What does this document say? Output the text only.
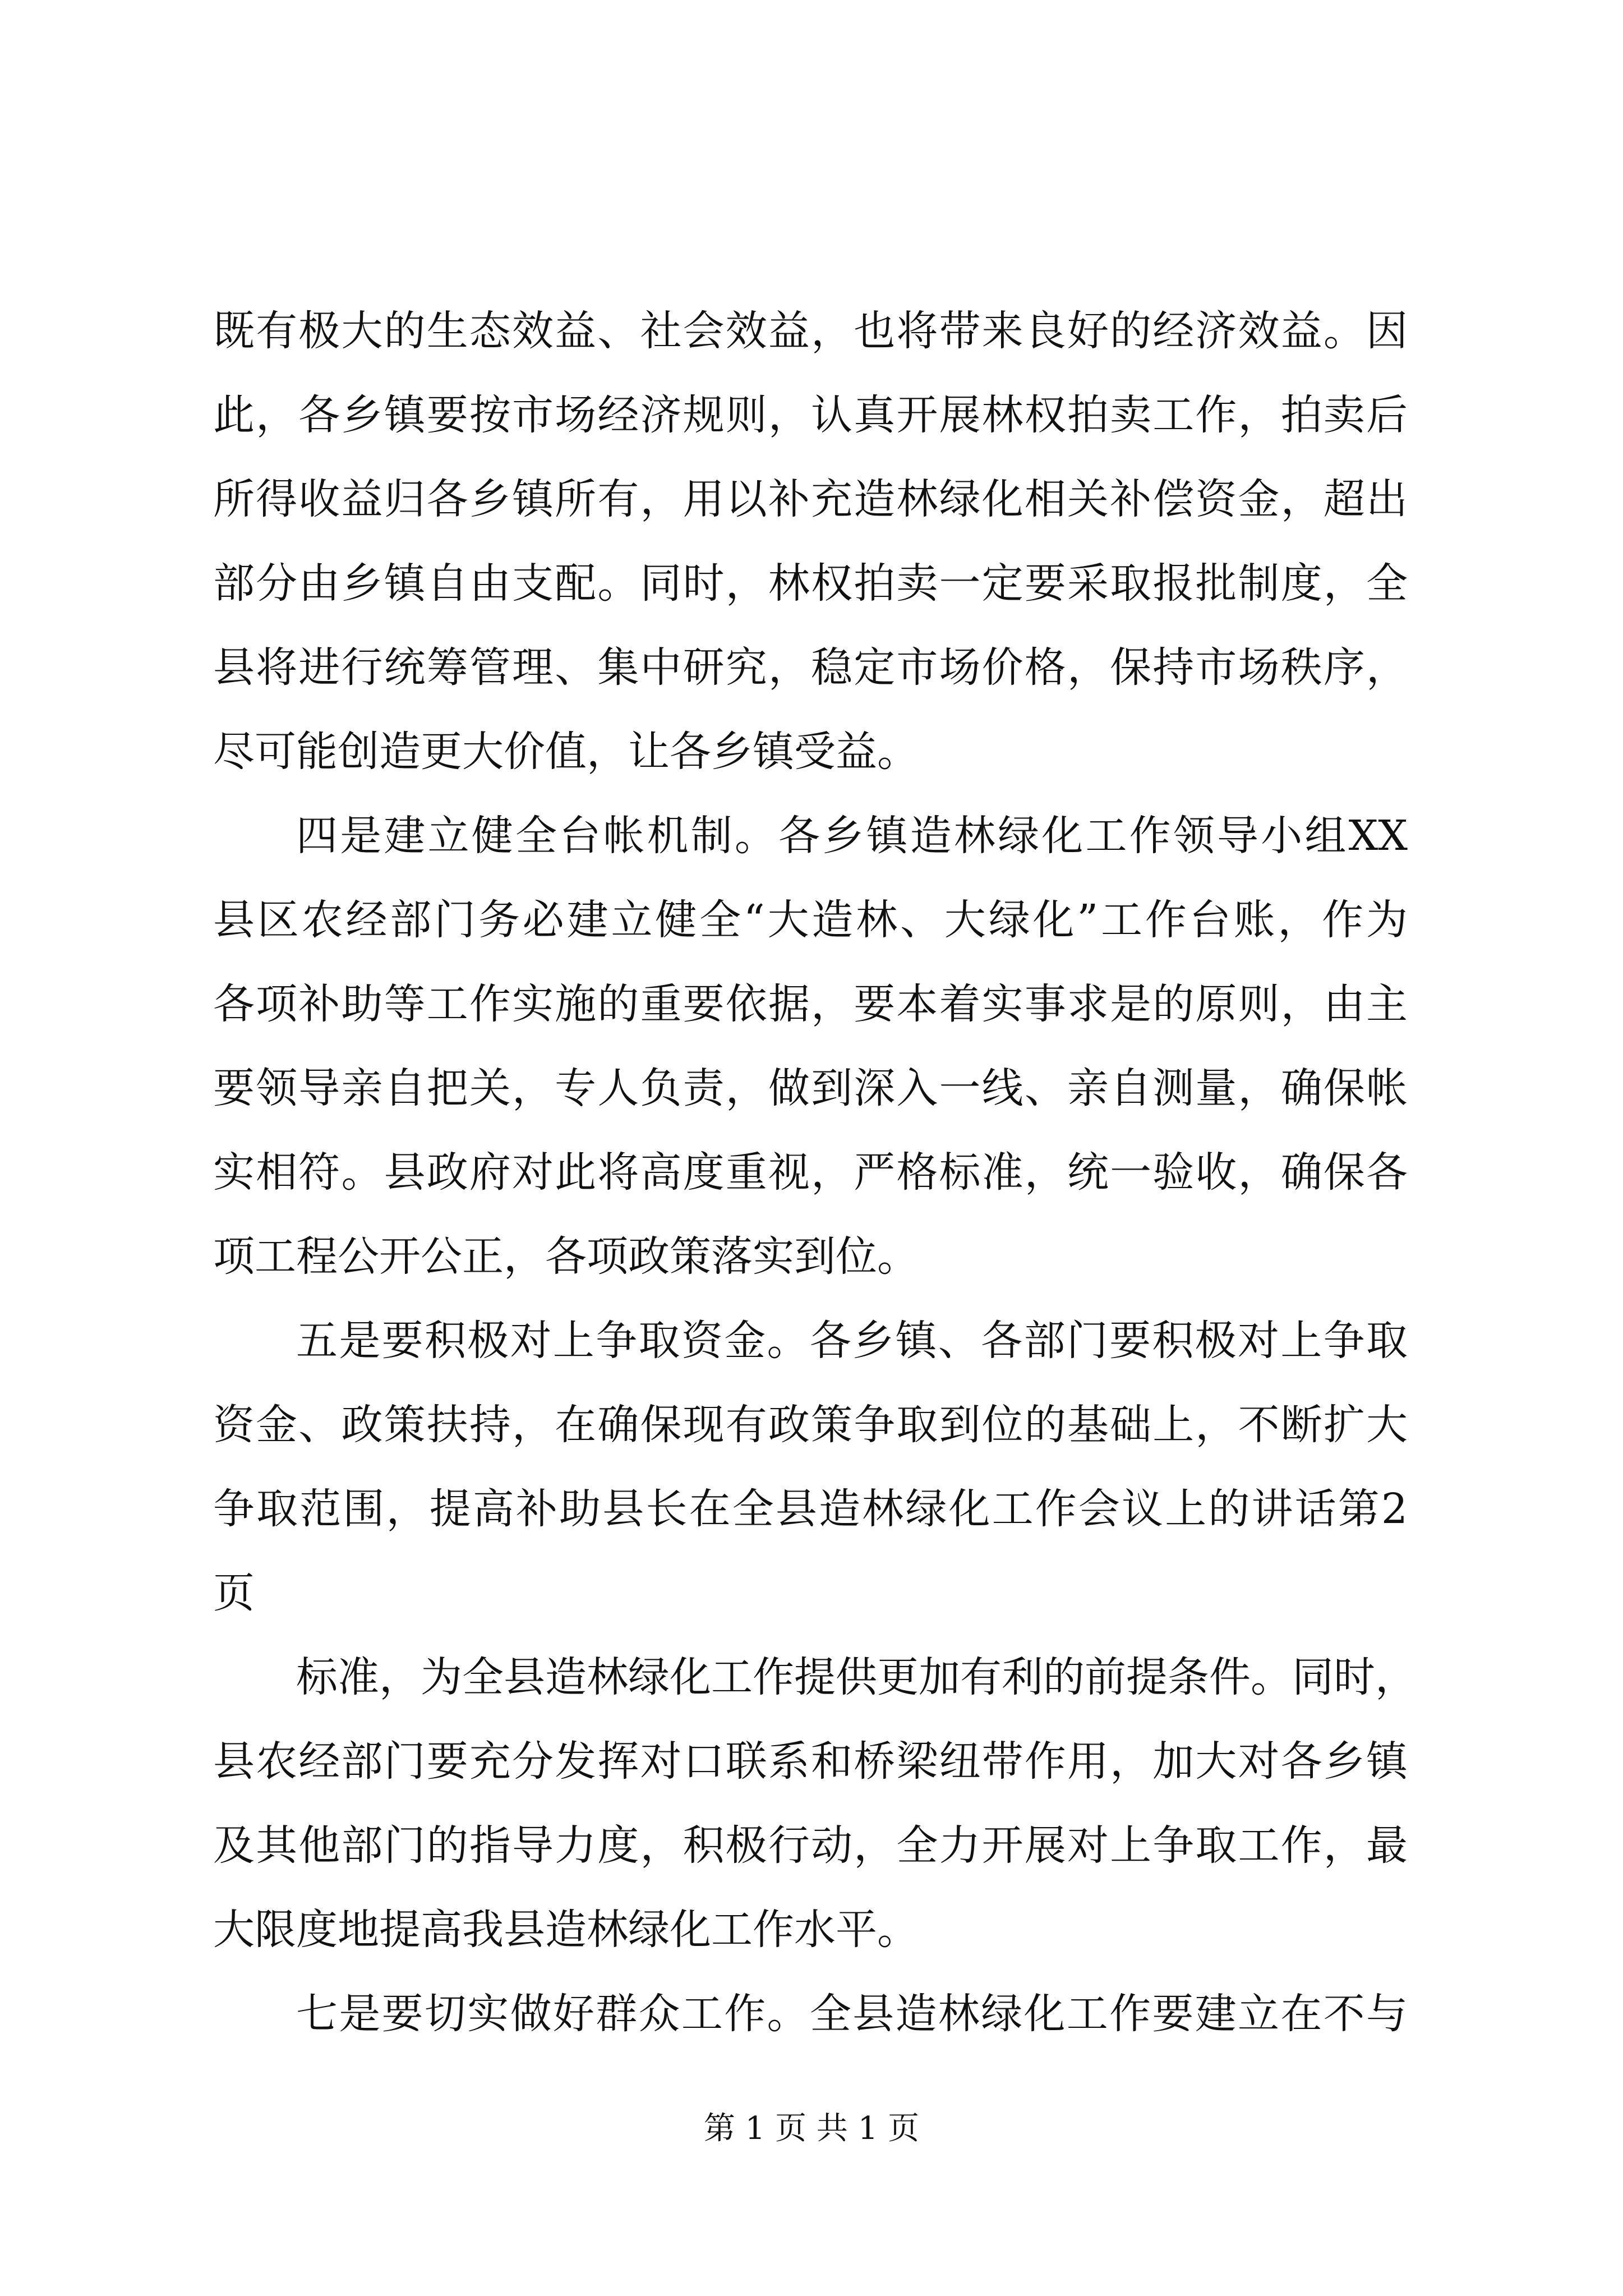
既有极大的生态效益、社会效益，也将带来良好的经济效益。因
此，各乡镇要按市场经济规则，认真开展林权拍卖工作，拍卖后
所得收益归各乡镇所有，用以补充造林绿化相关补偿资金，超出
部分由乡镇自由支配。同时，林权拍卖一定要采取报批制度，全
县将进行统筹管理、集中研究，稳定市场价格，保持市场秩序，
尽可能创造更大价值，让各乡镇受益。
四是建立健全台帐机制。各乡镇造林绿化工作领导小组XX
县区农经部门务必建立健全“大造林、大绿化”工作台账，作为
各项补助等工作实施的重要依据，要本着实事求是的原则，由主
要领导亲自把关，专人负责，做到深入一线、亲自测量，确保帐
实相符。县政府对此将高度重视，严格标准，统一验收，确保各
项工程公开公正，各项政策落实到位。
五是要积极对上争取资金。各乡镇、各部门要积极对上争取
资金、政策扶持，在确保现有政策争取到位的基础上，不断扩大
争取范围，提高补助县长在全县造林绿化工作会议上的讲话第2
页
标准，为全县造林绿化工作提供更加有利的前提条件。同时，
县农经部门要充分发挥对口联系和桥梁纽带作用，加大对各乡镇
及其他部门的指导力度，积极行动，全力开展对上争取工作，最
大限度地提高我县造林绿化工作水平。
七是要切实做好群众工作。全县造林绿化工作要建立在不与
第 1 页 共 1 页
